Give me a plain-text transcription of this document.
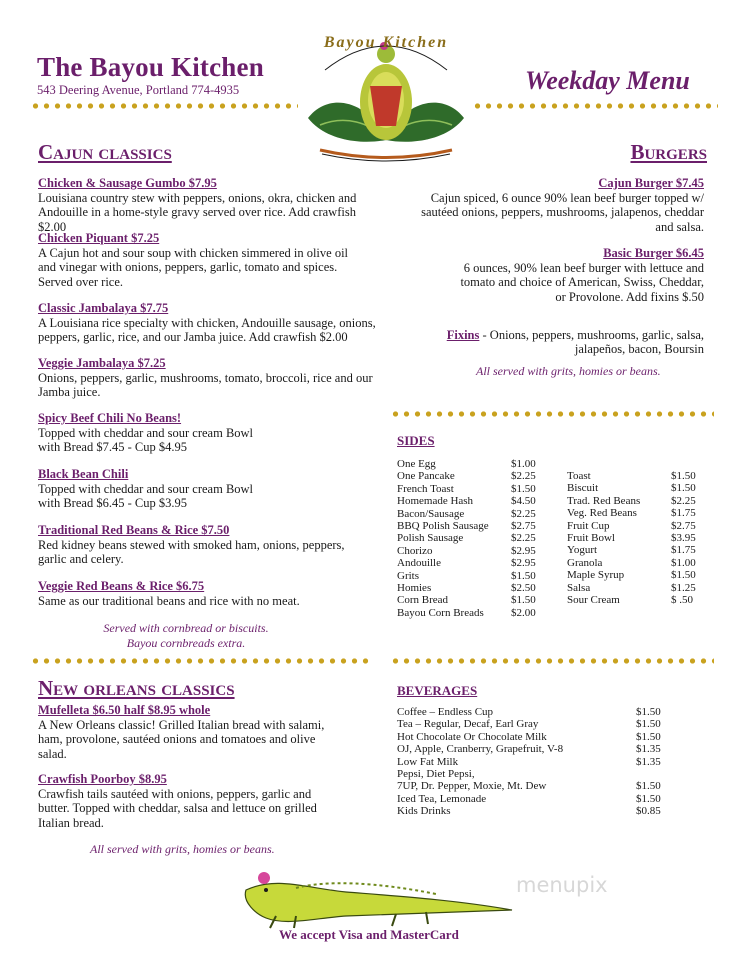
The Bayou Kitchen
543 Deering Avenue, Portland 774-4935	Weekday Menu
Bayou Kitchen
Cajun classics
Chicken & Sausage Gumbo $7.95
Louisiana country stew with peppers, onions, okra, chicken and Andouille in a home-style gravy served over rice. Add crawfish $2.00
Chicken Piquant $7.25
A Cajun hot and sour soup with chicken simmered in olive oil and vinegar with onions, peppers, garlic, tomato and spices. Served over rice.
Classic Jambalaya $7.75
A Louisiana rice specialty with chicken, Andouille sausage, onions, peppers, garlic, rice, and our Jamba juice. Add crawfish $2.00
Veggie Jambalaya $7.25
Onions, peppers, garlic, mushrooms, tomato, broccoli, rice and our Jamba juice.
Spicy Beef Chili No Beans!
Topped with cheddar and sour cream Bowl with Bread $7.45 - Cup $4.95
Black Bean Chili
Topped with cheddar and sour cream Bowl with Bread $6.45 - Cup $3.95
Traditional Red Beans & Rice $7.50
Red kidney beans stewed with smoked ham, onions, peppers, garlic and celery.
Veggie Red Beans & Rice $6.75
Same as our traditional beans and rice with no meat.
Served with cornbread or biscuits.
Bayou cornbreads extra.
Burgers
Cajun Burger $7.45
Cajun spiced, 6 ounce 90% lean beef burger topped w/ sautéed onions, peppers, mushrooms, jalapenos, cheddar and salsa.
Basic Burger $6.45
6 ounces, 90% lean beef burger with lettuce and tomato and choice of American, Swiss, Cheddar, or Provolone. Add fixins $.50
Fixins - Onions, peppers, mushrooms, garlic, salsa, jalapeños, bacon, Boursin
All served with grits, homies or beans.
SIDES
One Egg	$1.00
One Pancake	$2.25
French Toast	$1.50
Homemade Hash	$4.50
Bacon/Sausage	$2.25
BBQ Polish Sausage $2.75
Polish Sausage	$2.25
Chorizo	$2.95
Andouille	$2.95
Grits	$1.50
Homies	$2.50
Corn Bread	$1.50
Bayou Corn Breads $2.00
Toast	$1.50
Biscuit	$1.50
Trad. Red Beans	$2.25
Veg. Red Beans	$1.75
Fruit Cup	$2.75
Fruit Bowl	$3.95
Yogurt	$1.75
Granola	$1.00
Maple Syrup	$1.50
Salsa	$1.25
Sour Cream	$ .50
New orleans classics
Mufelleta $6.50 half $8.95 whole
A New Orleans classic! Grilled Italian bread with salami, ham, provolone, sautéed onions and tomatoes and olive salad.
Crawfish Poorboy $8.95
Crawfish tails sautéed with onions, peppers, garlic and butter. Topped with cheddar, salsa and lettuce on grilled Italian bread.
All served with grits, homies or beans.
BEVERAGES
Coffee – Endless Cup	$1.50
Tea – Regular, Decaf, Earl Gray	$1.50
Hot Chocolate Or Chocolate Milk	$1.50
OJ, Apple, Cranberry, Grapefruit, V-8	$1.35
Low Fat Milk	$1.35
Pepsi, Diet Pepsi,
7UP, Dr. Pepper, Moxie, Mt. Dew	$1.50
Iced Tea, Lemonade	$1.50
Kids Drinks	$0.85
menupix
We accept Visa and MasterCard
